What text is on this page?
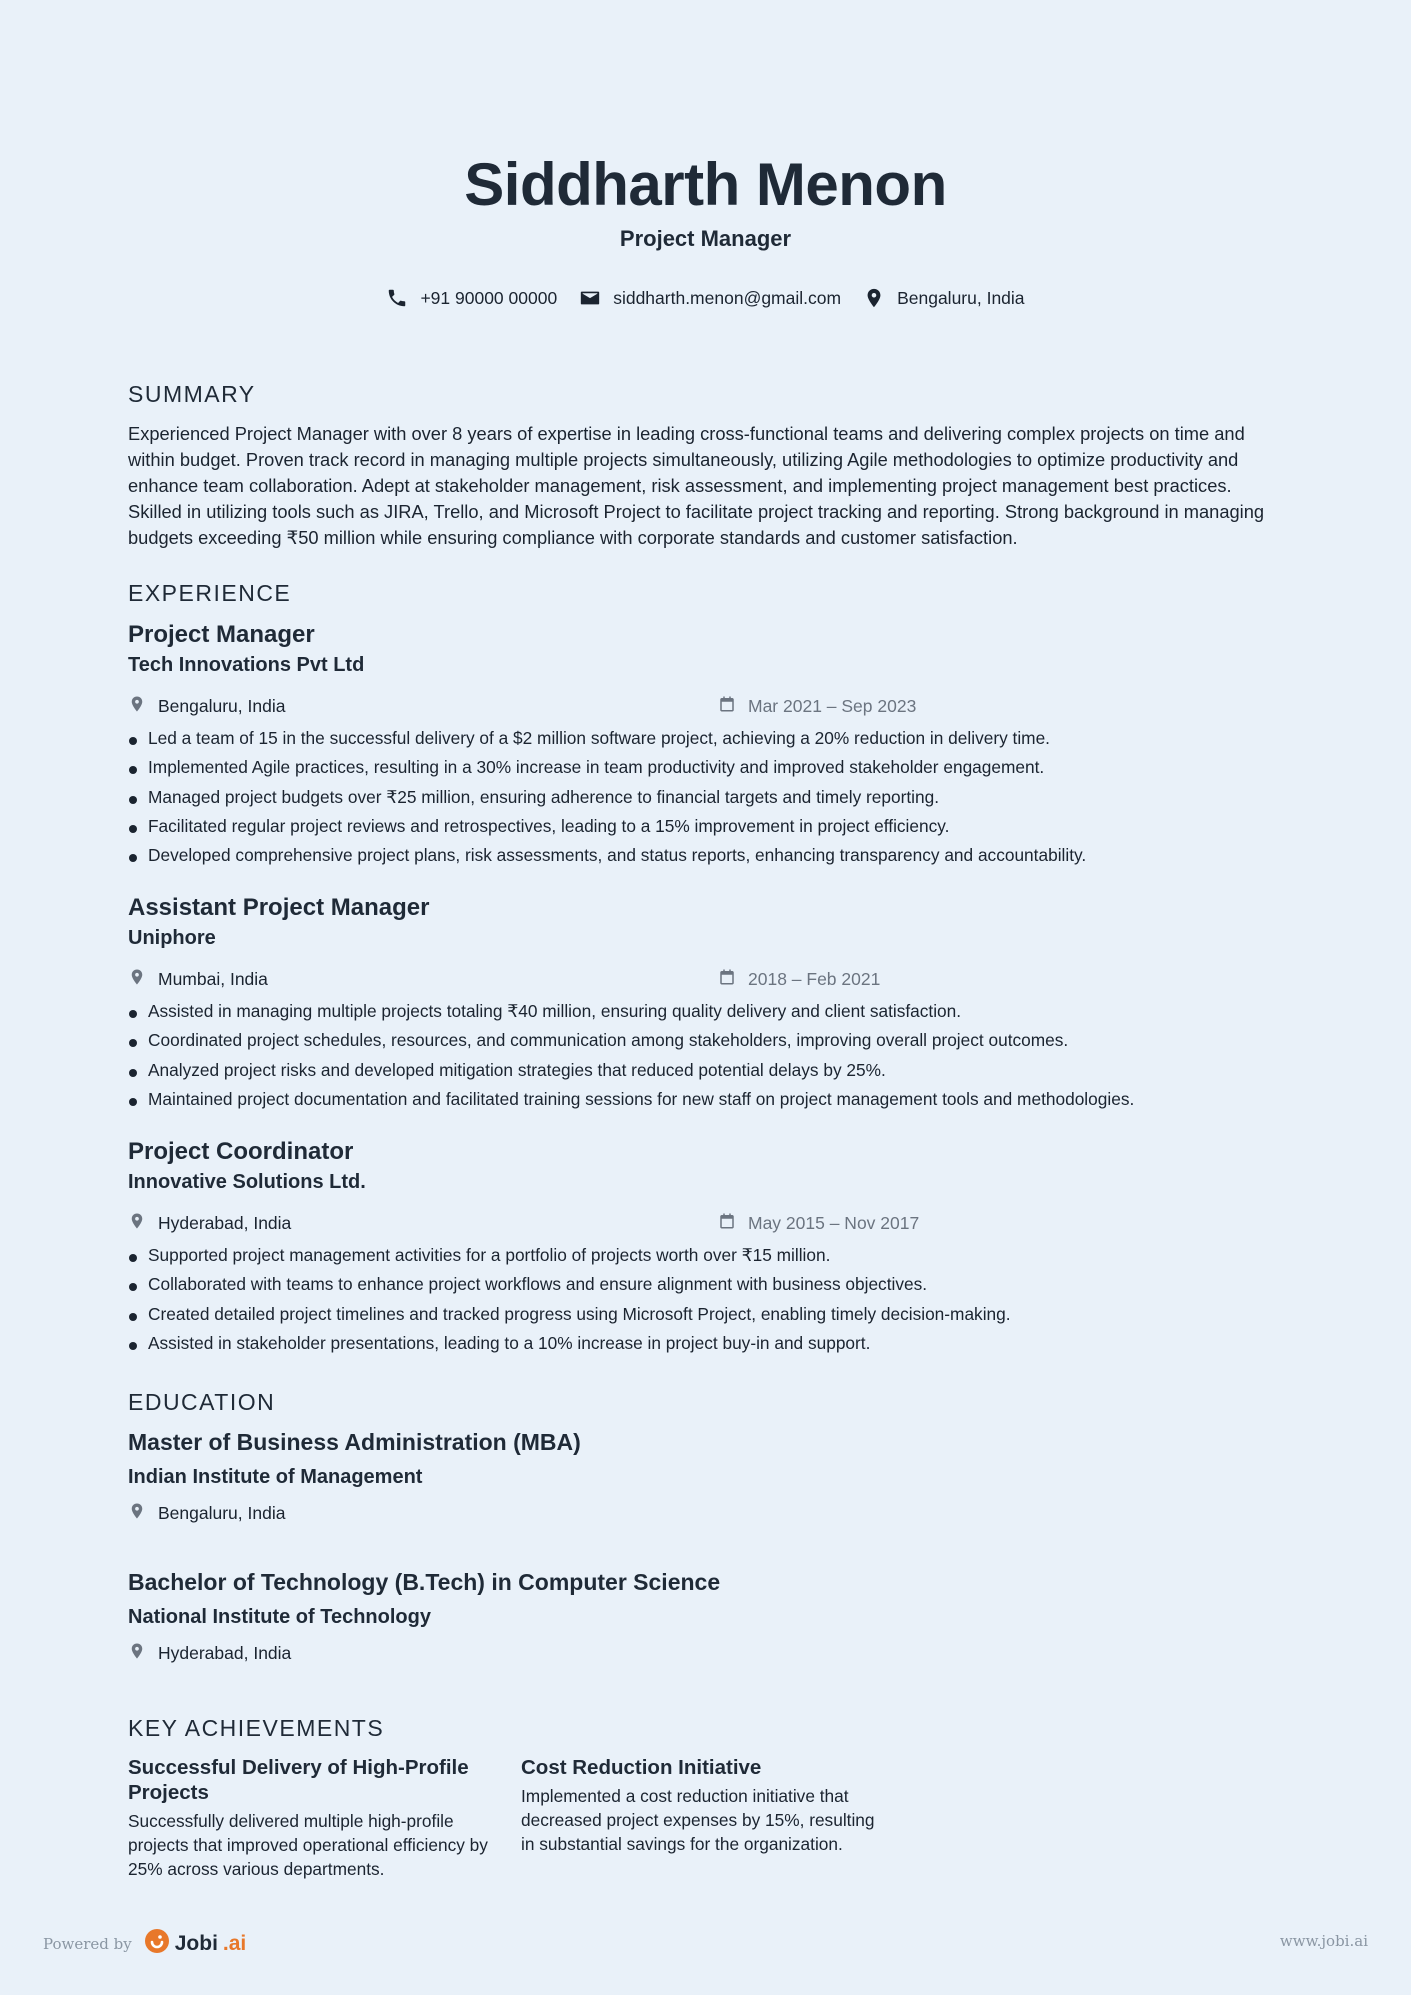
Siddharth Menon
Project Manager
+91 90000 00000	siddharth.menon@gmail.com	Bengaluru, India
SUMMARY

Experienced Project Manager with over 8 years of expertise in leading cross-functional teams and delivering complex projects on time and within budget. Proven track record in managing multiple projects simultaneously, utilizing Agile methodologies to optimize productivity and enhance team collaboration. Adept at stakeholder management, risk assessment, and implementing project management best practices. Skilled in utilizing tools such as JIRA, Trello, and Microsoft Project to facilitate project tracking and reporting. Strong background in managing budgets exceeding ₹50 million while ensuring compliance with corporate standards and customer satisfaction.

EXPERIENCE
Project Manager
Tech Innovations Pvt Ltd
Bengaluru, India	Mar 2021 – Sep 2023
Led a team of 15 in the successful delivery of a $2 million software project, achieving a 20% reduction in delivery time.
Implemented Agile practices, resulting in a 30% increase in team productivity and improved stakeholder engagement.
Managed project budgets over ₹25 million, ensuring adherence to financial targets and timely reporting.
Facilitated regular project reviews and retrospectives, leading to a 15% improvement in project efficiency.
Developed comprehensive project plans, risk assessments, and status reports, enhancing transparency and accountability.
Assistant Project Manager
Uniphore
Mumbai, India	2018 – Feb 2021
Assisted in managing multiple projects totaling ₹40 million, ensuring quality delivery and client satisfaction.
Coordinated project schedules, resources, and communication among stakeholders, improving overall project outcomes.
Analyzed project risks and developed mitigation strategies that reduced potential delays by 25%.
Maintained project documentation and facilitated training sessions for new staff on project management tools and methodologies.
Project Coordinator
Innovative Solutions Ltd.
Hyderabad, India	May 2015 – Nov 2017
Supported project management activities for a portfolio of projects worth over ₹15 million.
Collaborated with teams to enhance project workflows and ensure alignment with business objectives.
Created detailed project timelines and tracked progress using Microsoft Project, enabling timely decision-making.
Assisted in stakeholder presentations, leading to a 10% increase in project buy-in and support.
EDUCATION
Master of Business Administration (MBA)
Indian Institute of Management
Bengaluru, India
Bachelor of Technology (B.Tech) in Computer Science
National Institute of Technology
Hyderabad, India
KEY ACHIEVEMENTS
Successful Delivery of High-Profile Projects
Successfully delivered multiple high-profile projects that improved operational efficiency by 25% across various departments.
Cost Reduction Initiative
Implemented a cost reduction initiative that decreased project expenses by 15%, resulting in substantial savings for the organization.
Powered by Jobi .ai	www.jobi.ai
